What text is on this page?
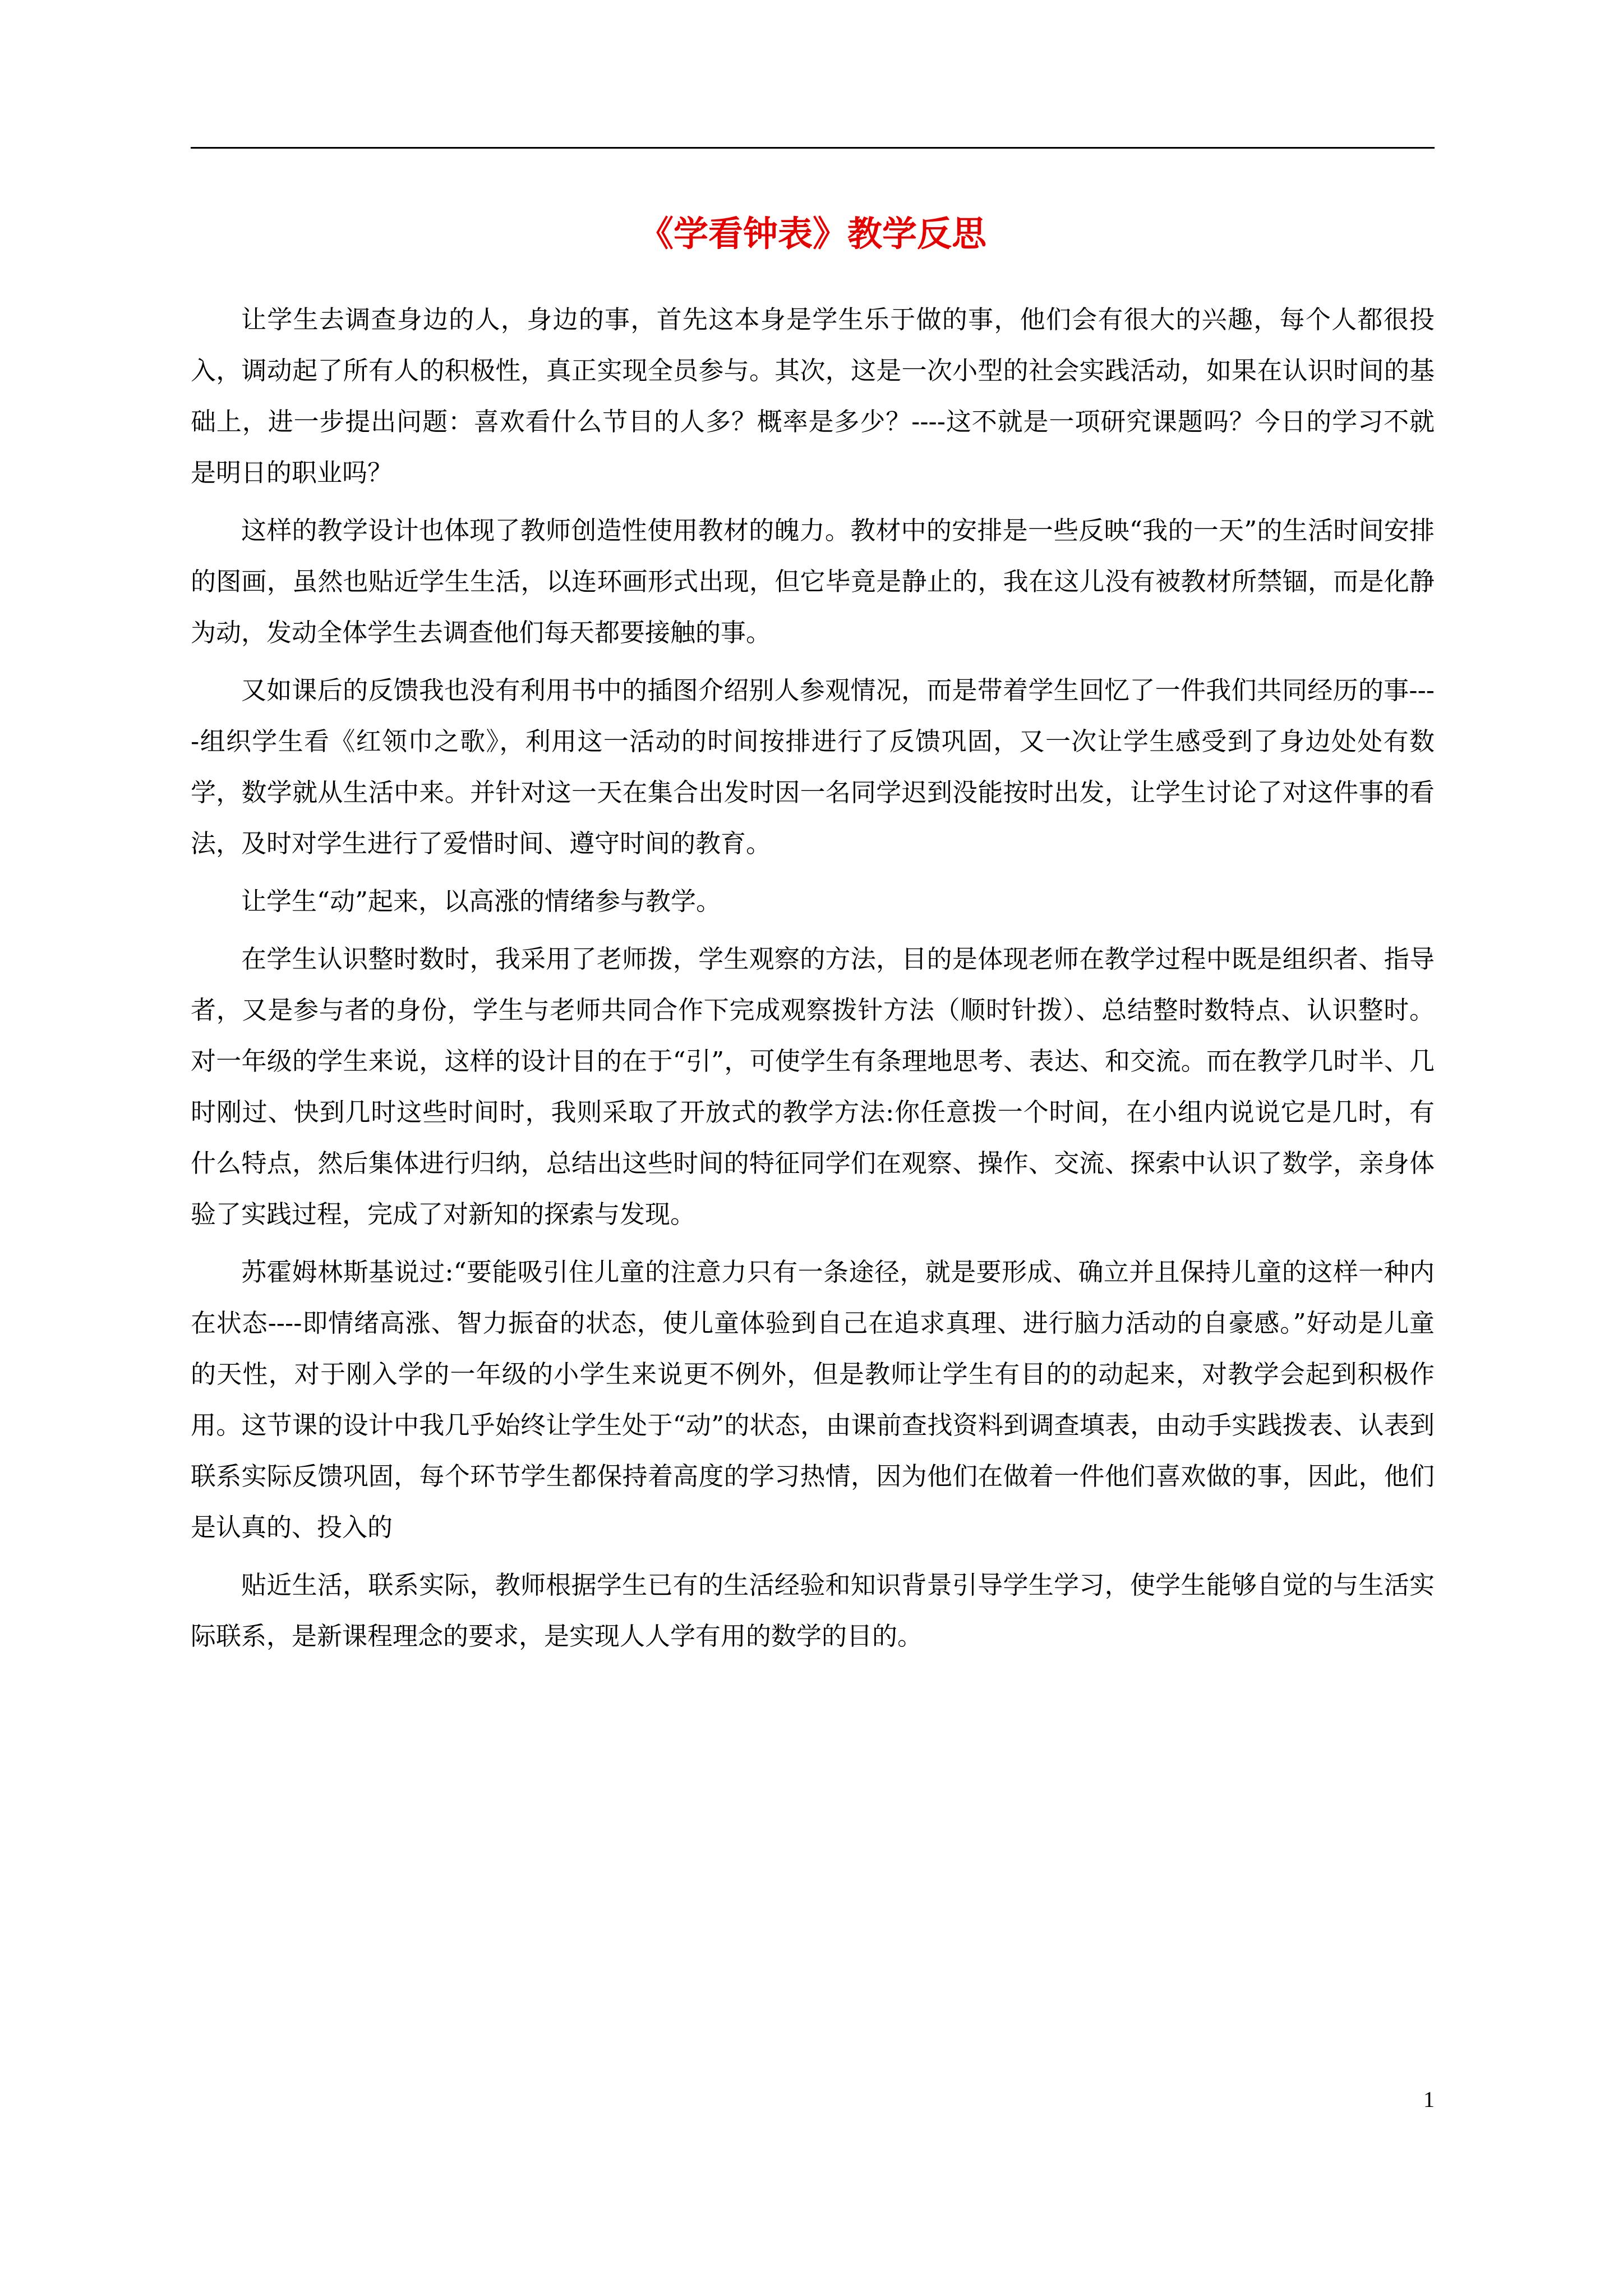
《学看钟表》教学反思

让学生去调查身边的人，身边的事，首先这本身是学生乐于做的事，他们会有很大的兴趣，每个人都很投入，调动起了所有人的积极性，真正实现全员参与。其次，这是一次小型的社会实践活动，如果在认识时间的基础上，进一步提出问题：喜欢看什么节目的人多？概率是多少？----这不就是一项研究课题吗？今日的学习不就是明日的职业吗？

这样的教学设计也体现了教师创造性使用教材的魄力。教材中的安排是一些反映“我的一天”的生活时间安排的图画，虽然也贴近学生生活，以连环画形式出现，但它毕竟是静止的，我在这儿没有被教材所禁锢，而是化静为动，发动全体学生去调查他们每天都要接触的事。

又如课后的反馈我也没有利用书中的插图介绍别人参观情况，而是带着学生回忆了一件我们共同经历的事----组织学生看《红领巾之歌》，利用这一活动的时间按排进行了反馈巩固，又一次让学生感受到了身边处处有数学，数学就从生活中来。并针对这一天在集合出发时因一名同学迟到没能按时出发，让学生讨论了对这件事的看法，及时对学生进行了爱惜时间、遵守时间的教育。

让学生“动”起来，以高涨的情绪参与教学。

在学生认识整时数时，我采用了老师拨，学生观察的方法，目的是体现老师在教学过程中既是组织者、指导者，又是参与者的身份，学生与老师共同合作下完成观察拨针方法（顺时针拨）、总结整时数特点、认识整时。对一年级的学生来说，这样的设计目的在于“引”，可使学生有条理地思考、表达、和交流。而在教学几时半、几时刚过、快到几时这些时间时，我则采取了开放式的教学方法:你任意拨一个时间，在小组内说说它是几时，有什么特点，然后集体进行归纳，总结出这些时间的特征同学们在观察、操作、交流、探索中认识了数学，亲身体验了实践过程，完成了对新知的探索与发现。

苏霍姆林斯基说过:“要能吸引住儿童的注意力只有一条途径，就是要形成、确立并且保持儿童的这样一种内在状态----即情绪高涨、智力振奋的状态，使儿童体验到自己在追求真理、进行脑力活动的自豪感。”好动是儿童的天性，对于刚入学的一年级的小学生来说更不例外，但是教师让学生有目的的动起来，对教学会起到积极作用。这节课的设计中我几乎始终让学生处于“动”的状态，由课前查找资料到调查填表，由动手实践拨表、认表到联系实际反馈巩固，每个环节学生都保持着高度的学习热情，因为他们在做着一件他们喜欢做的事，因此，他们是认真的、投入的

贴近生活，联系实际，教师根据学生已有的生活经验和知识背景引导学生学习，使学生能够自觉的与生活实际联系，是新课程理念的要求，是实现人人学有用的数学的目的。

1
